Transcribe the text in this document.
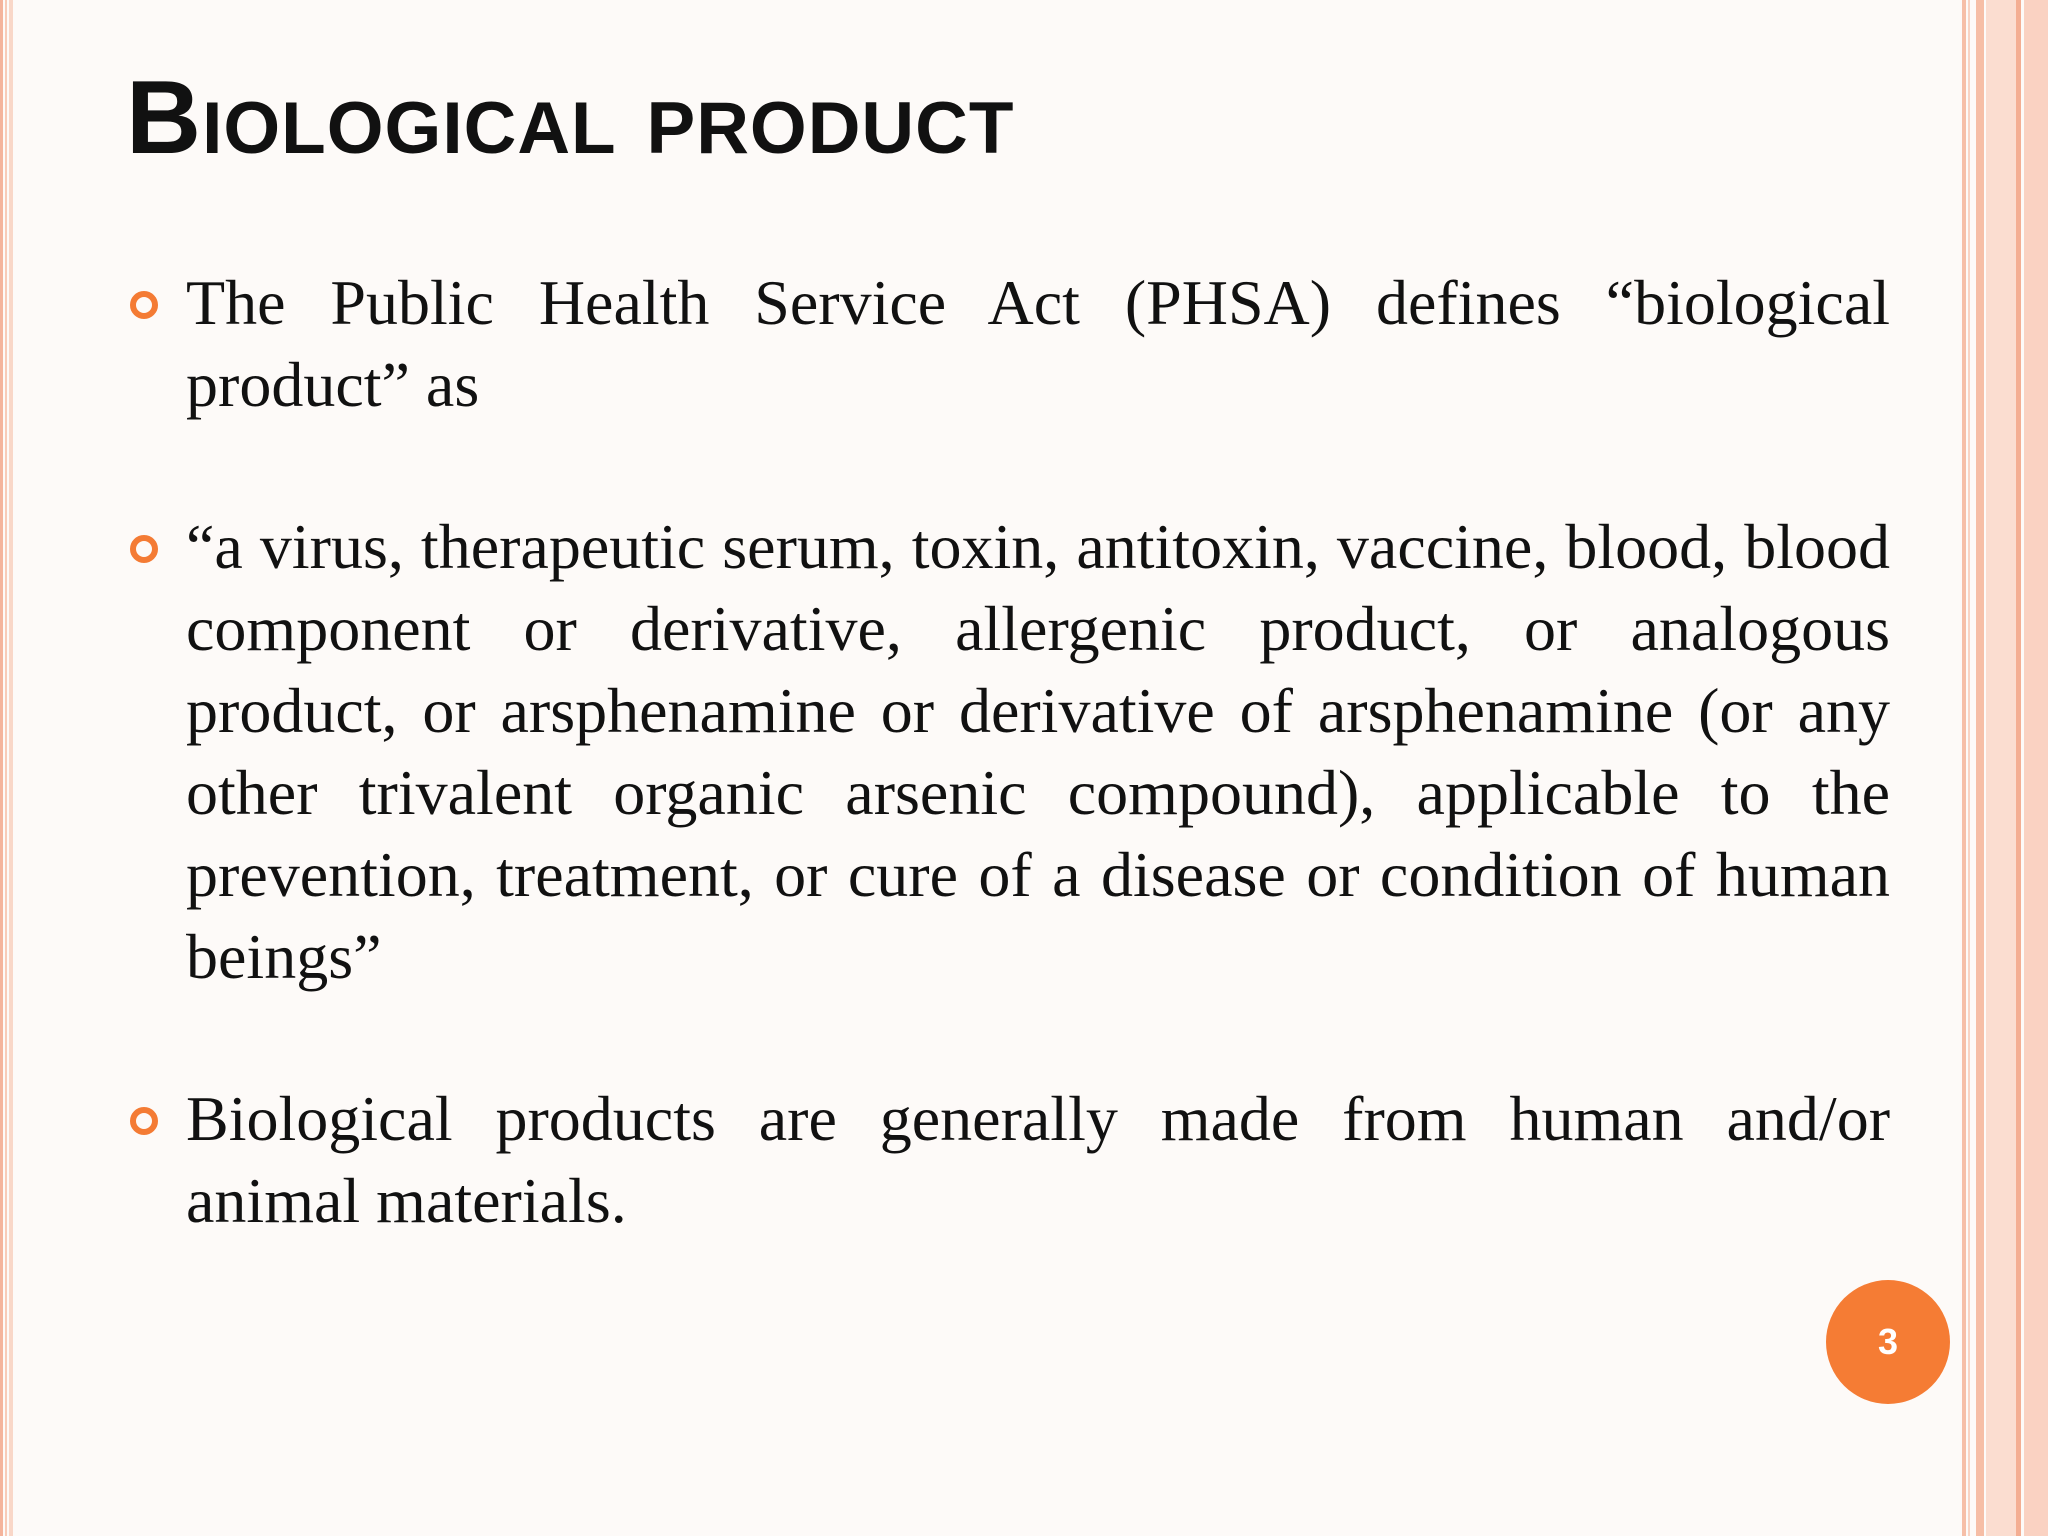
Biological product
The Public Health Service Act (PHSA) defines “biological product” as
“a virus, therapeutic serum, toxin, antitoxin, vaccine, blood, blood component or derivative, allergenic product, or analogous product, or arsphenamine or derivative of arsphenamine (or any other trivalent organic arsenic compound), applicable to the prevention, treatment, or cure of a disease or condition of human beings”
Biological products are generally made from human and/or animal materials.
3
